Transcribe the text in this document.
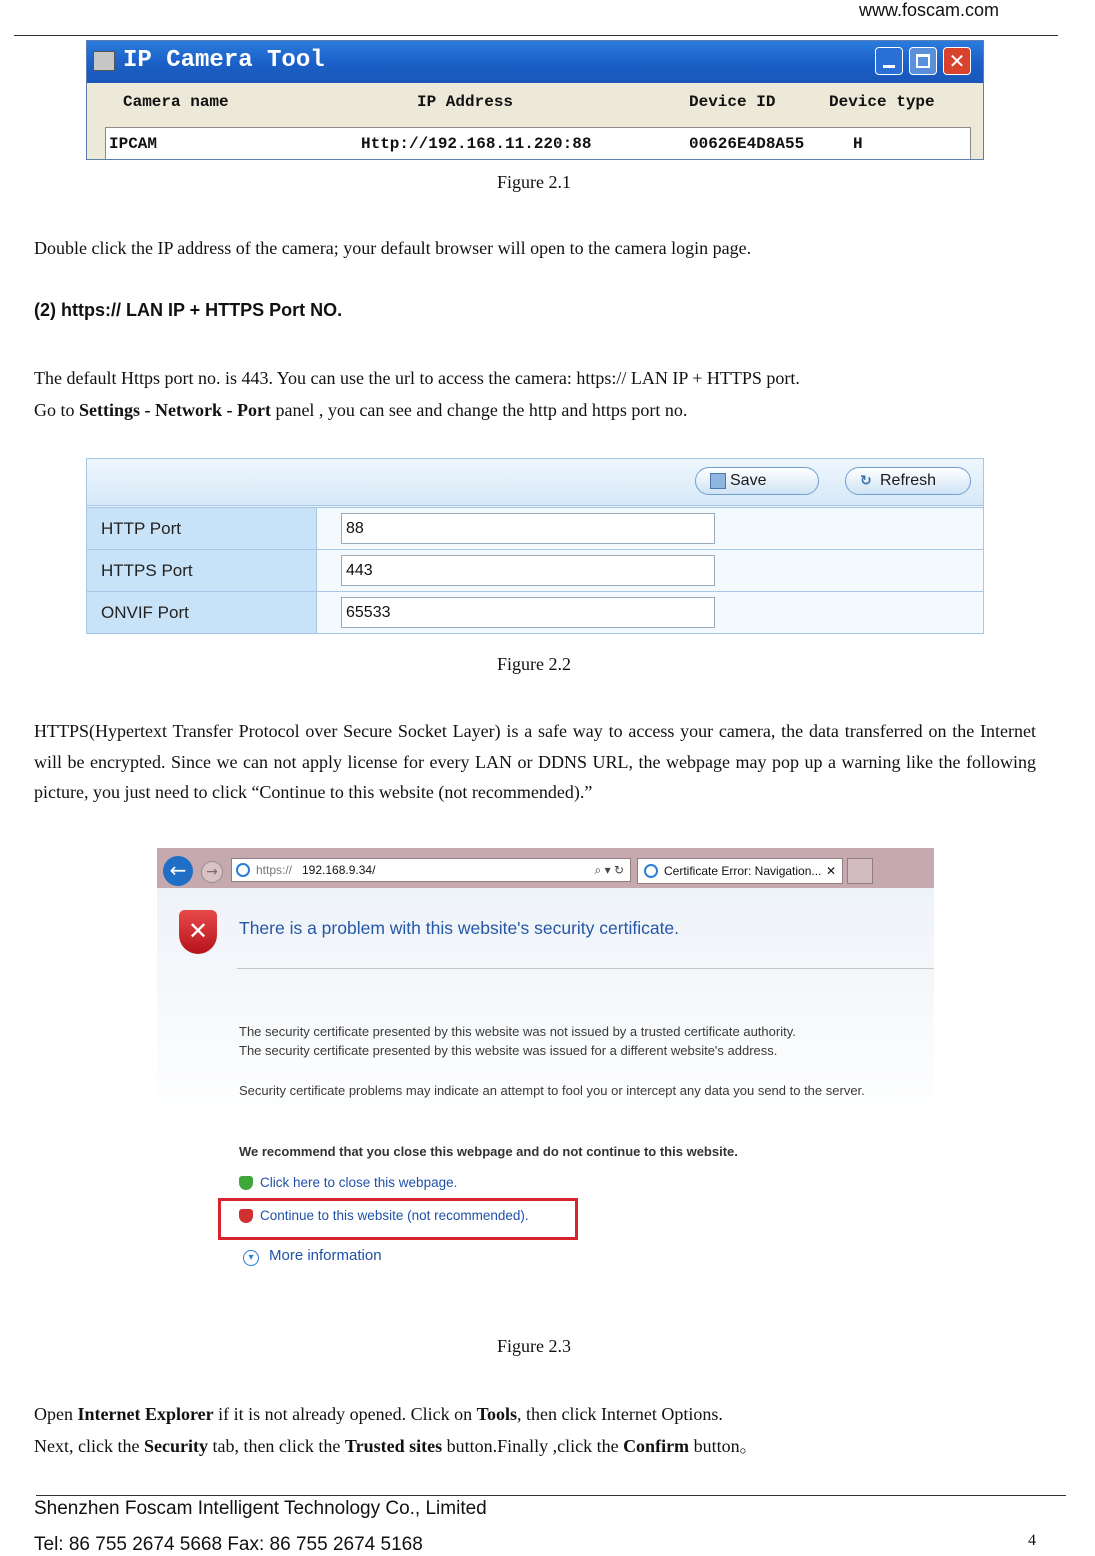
www.foscam.com
IP Camera Tool	✕
Camera name	IP Address	Device ID	Device type
IPCAM	Http://192.168.11.220:88	00626E4D8A55	H
Figure 2.1
Double click the IP address of the camera; your default browser will open to the camera login page.
(2) https:// LAN IP + HTTPS Port NO.
The default Https port no. is 443. You can use the url to access the camera: https:// LAN IP + HTTPS port.
Go to Settings - Network - Port panel , you can see and change the http and https port no.
Save	↻ Refresh
HTTP Port	88
HTTPS Port	443
ONVIF Port	65533
Figure 2.2
HTTPS(Hypertext Transfer Protocol over Secure Socket Layer) is a safe way to access your camera, the data transferred on the Internet will be encrypted. Since we can not apply license for every LAN or DDNS URL, the webpage may pop up a warning like the following picture, you just need to click “Continue to this website (not recommended).”
←	→	https:// 192.168.9.34/	⌕ ▾ ↻	Certificate Error: Navigation... ✕
✕	There is a problem with this website's security certificate.
The security certificate presented by this website was not issued by a trusted certificate authority.
The security certificate presented by this website was issued for a different website's address.
Security certificate problems may indicate an attempt to fool you or intercept any data you send to the server.
We recommend that you close this webpage and do not continue to this website.
Click here to close this webpage.
Continue to this website (not recommended).
▾	More information
Figure 2.3
Open Internet Explorer if it is not already opened. Click on Tools, then click Internet Options.
Next, click the Security tab, then click the Trusted sites button.Finally ,click the Confirm button。
Shenzhen Foscam Intelligent Technology Co., Limited
Tel: 86 755 2674 5668 Fax: 86 755 2674 5168	4
